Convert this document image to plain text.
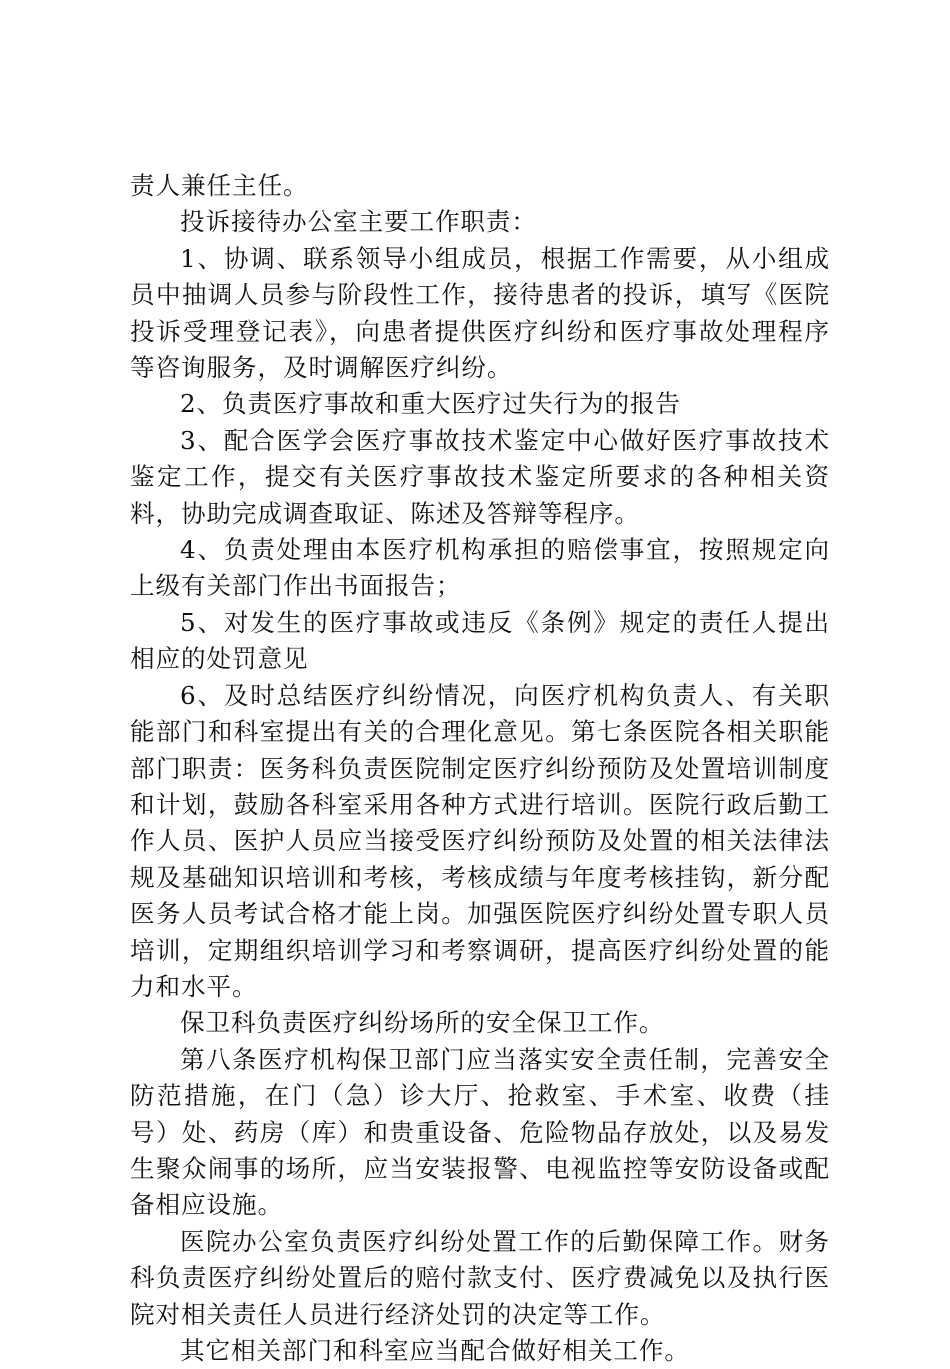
责人兼任主任。

投诉接待办公室主要工作职责：

1、协调、联系领导小组成员，根据工作需要，从小组成员中抽调人员参与阶段性工作，接待患者的投诉，填写《医院投诉受理登记表》，向患者提供医疗纠纷和医疗事故处理程序等咨询服务，及时调解医疗纠纷。

2、负责医疗事故和重大医疗过失行为的报告

3、配合医学会医疗事故技术鉴定中心做好医疗事故技术鉴定工作，提交有关医疗事故技术鉴定所要求的各种相关资料，协助完成调查取证、陈述及答辩等程序。

4、负责处理由本医疗机构承担的赔偿事宜，按照规定向上级有关部门作出书面报告；

5、对发生的医疗事故或违反《条例》规定的责任人提出相应的处罚意见

6、及时总结医疗纠纷情况，向医疗机构负责人、有关职能部门和科室提出有关的合理化意见。第七条医院各相关职能部门职责：医务科负责医院制定医疗纠纷预防及处置培训制度和计划，鼓励各科室采用各种方式进行培训。医院行政后勤工作人员、医护人员应当接受医疗纠纷预防及处置的相关法律法规及基础知识培训和考核，考核成绩与年度考核挂钩，新分配医务人员考试合格才能上岗。加强医院医疗纠纷处置专职人员培训，定期组织培训学习和考察调研，提高医疗纠纷处置的能力和水平。

保卫科负责医疗纠纷场所的安全保卫工作。

第八条医疗机构保卫部门应当落实安全责任制，完善安全防范措施，在门（急）诊大厅、抢救室、手术室、收费（挂号）处、药房（库）和贵重设备、危险物品存放处，以及易发生聚众闹事的场所，应当安装报警、电视监控等安防设备或配备相应设施。

医院办公室负责医疗纠纷处置工作的后勤保障工作。财务科负责医疗纠纷处置后的赔付款支付、医疗费减免以及执行医院对相关责任人员进行经济处罚的决定等工作。

其它相关部门和科室应当配合做好相关工作。
